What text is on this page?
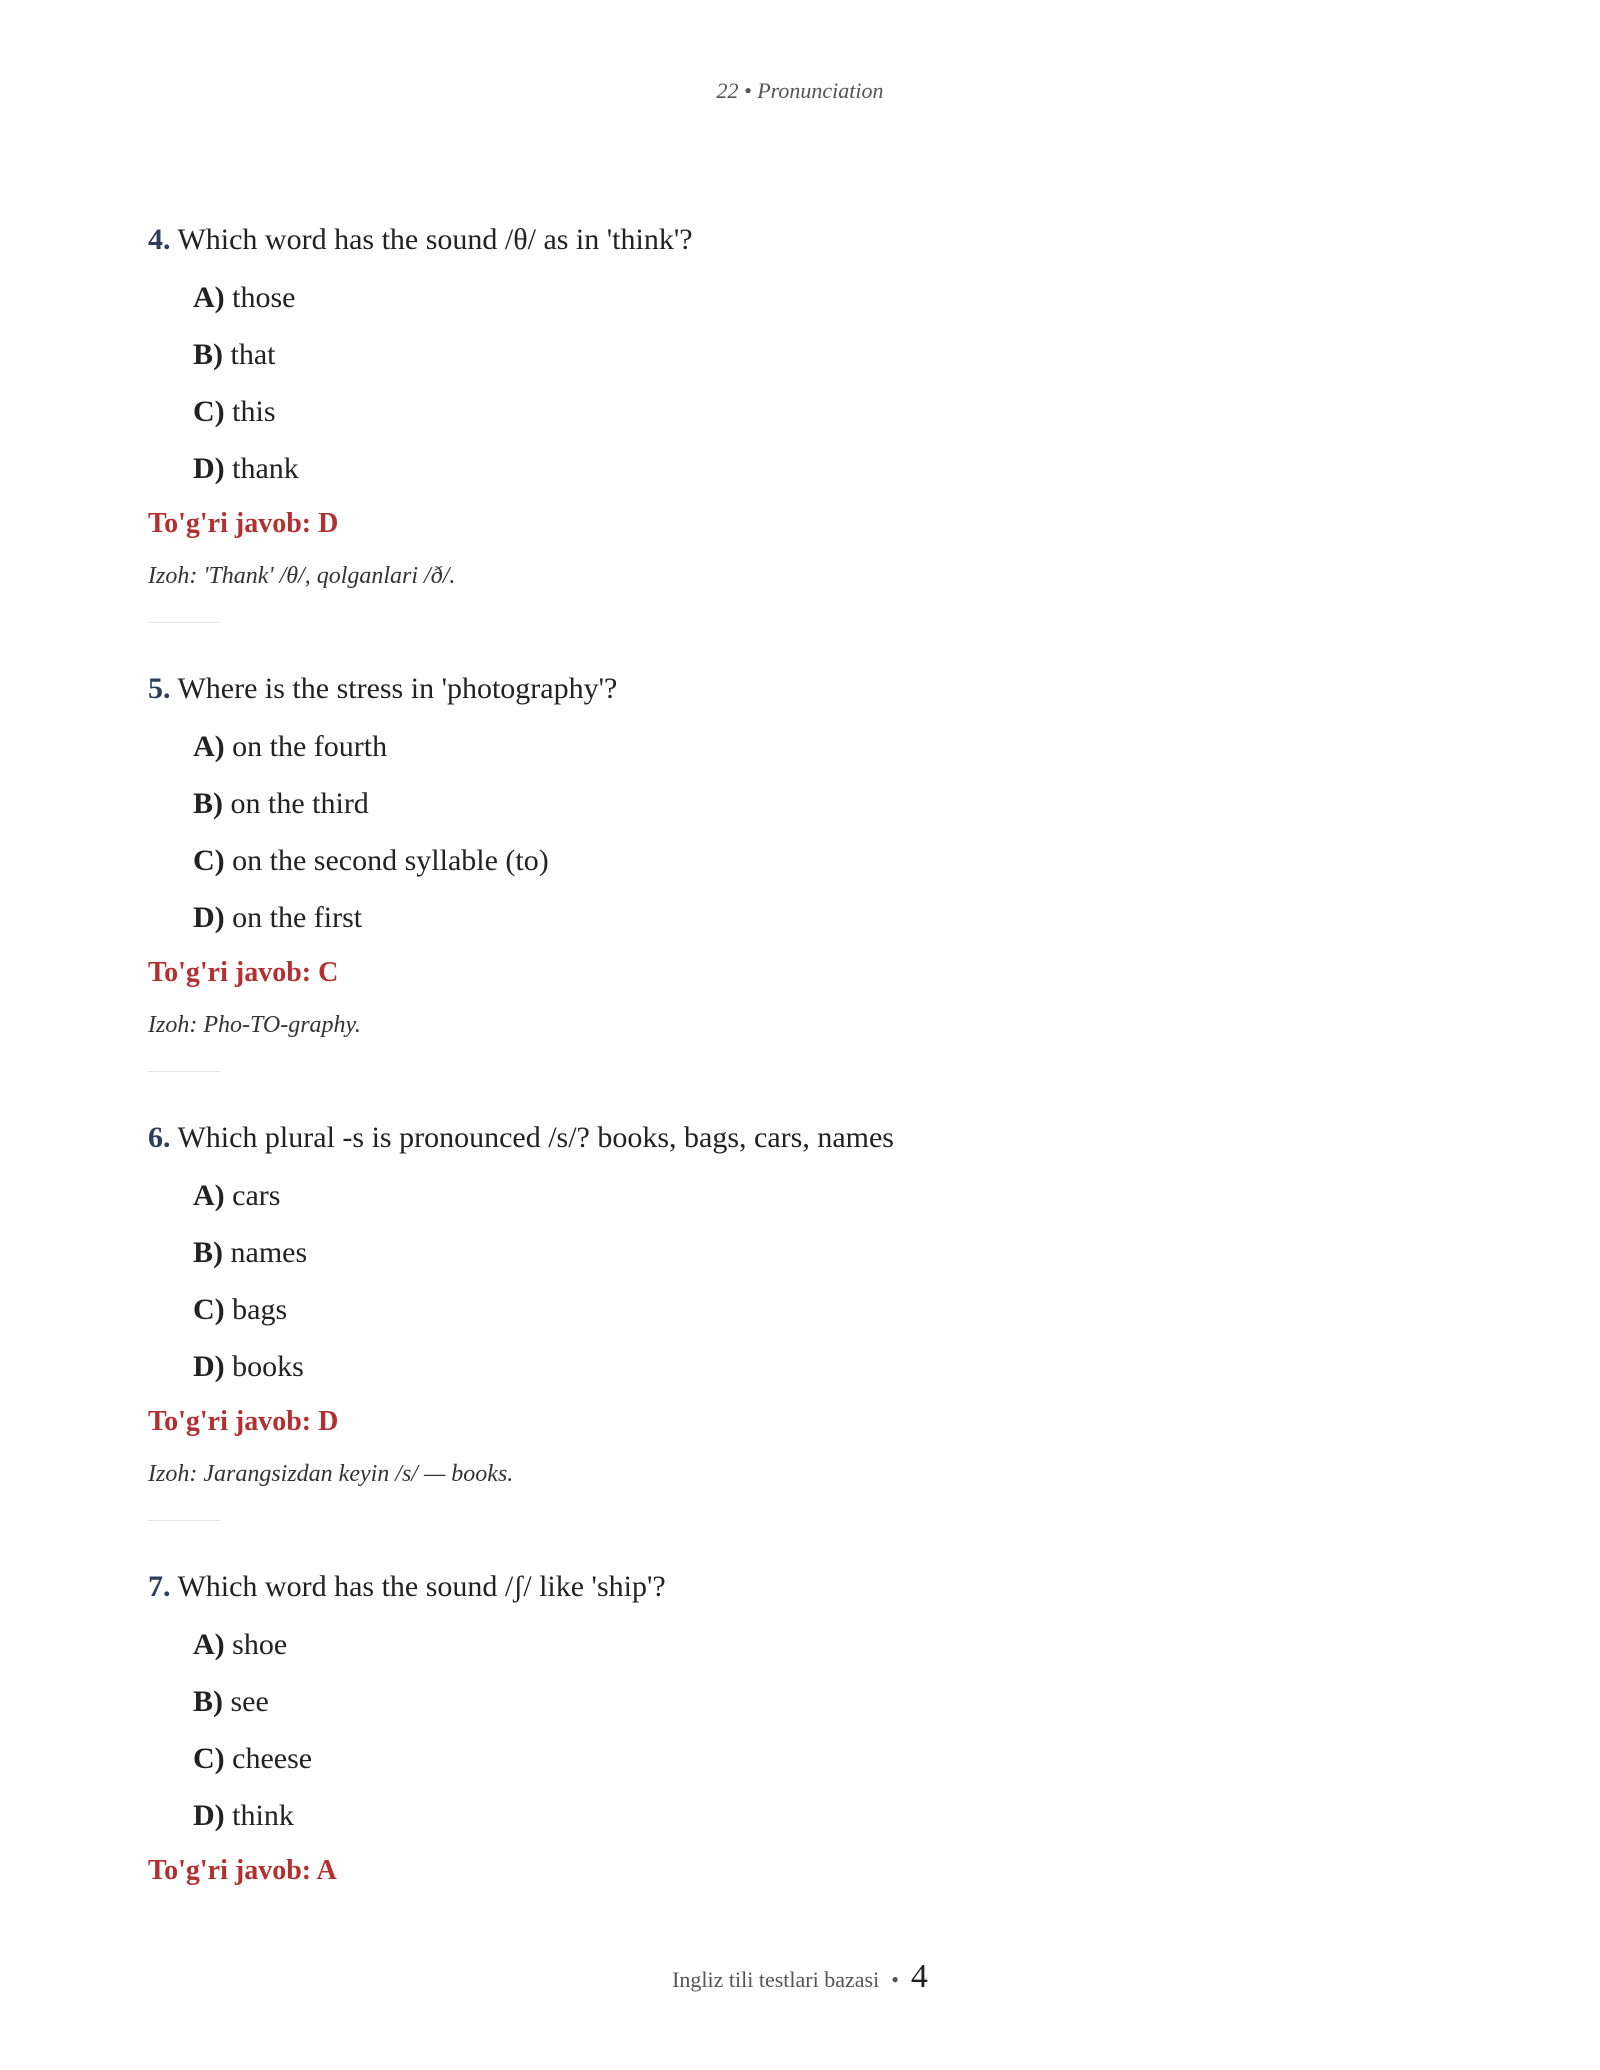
22 • Pronunciation
4. Which word has the sound /θ/ as in 'think'?
A) those
B) that
C) this
D) thank
To'g'ri javob: D
Izoh: 'Thank' /θ/, qolganlari /ð/.
5. Where is the stress in 'photography'?
A) on the fourth
B) on the third
C) on the second syllable (to)
D) on the first
To'g'ri javob: C
Izoh: Pho-TO-graphy.
6. Which plural -s is pronounced /s/? books, bags, cars, names
A) cars
B) names
C) bags
D) books
To'g'ri javob: D
Izoh: Jarangsizdan keyin /s/ — books.
7. Which word has the sound /ʃ/ like 'ship'?
A) shoe
B) see
C) cheese
D) think
To'g'ri javob: A
Ingliz tili testlari bazasi • 4
